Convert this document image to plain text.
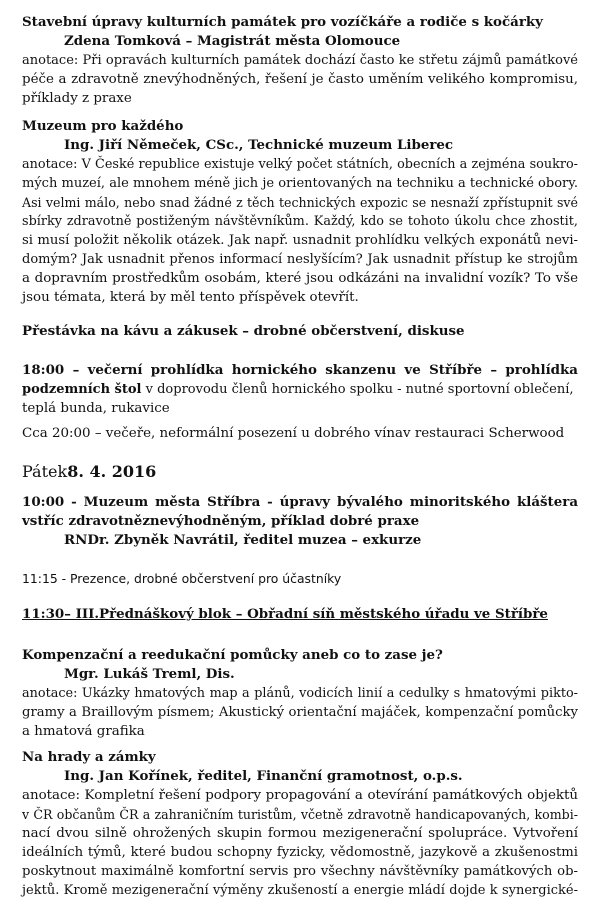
Stavební úpravy kulturních památek pro vozíčkáře a rodiče s kočárky
Zdena Tomková – Magistrát města Olomouce
anotace: Při opravách kulturních památek dochází často ke střetu zájmů památkové
péče a zdravotně znevýhodněných, řešení je často uměním velikého kompromisu,
příklady z praxe
Muzeum pro každého
Ing. Jiří Němeček, CSc., Technické muzeum Liberec
anotace: V České republice existuje velký počet státních, obecních a zejména soukro-
mých muzeí, ale mnohem méně jich je orientovaných na techniku a technické obory.
Asi velmi málo, nebo snad žádné z těch technických expozic se nesnaží zpřístupnit své
sbírky zdravotně postiženým návštěvníkům. Každý, kdo se tohoto úkolu chce zhostit,
si musí položit několik otázek. Jak např. usnadnit prohlídku velkých exponátů nevi-
domým? Jak usnadnit přenos informací neslyšícím? Jak usnadnit přístup ke strojům
a dopravním prostředkům osobám, které jsou odkázáni na invalidní vozík? To vše
jsou témata, která by měl tento příspěvek otevřít.
Přestávka na kávu a zákusek – drobné občerstvení, diskuse
18:00 – večerní prohlídka hornického skanzenu ve Stříbře – prohlídka
podzemních štol v doprovodu členů hornického spolku - nutné sportovní oblečení,
teplá bunda, rukavice
Cca 20:00 – večeře, neformální posezení u dobrého vínav restauraci Scherwood
Pátek8. 4. 2016
10:00 - Muzeum města Stříbra - úpravy bývalého minoritského kláštera
vstříc zdravotněznevýhodněným, příklad dobré praxe
RNDr. Zbyněk Navrátil, ředitel muzea – exkurze
11:15 - Prezence, drobné občerstvení pro účastníky
11:30– III.Přednáškový blok – Obřadní síň městského úřadu ve Stříbře
Kompenzační a reedukační pomůcky aneb co to zase je?
Mgr. Lukáš Treml, Dis.
anotace: Ukázky hmatových map a plánů, vodicích linií a cedulky s hmatovými pikto-
gramy a Braillovým písmem; Akustický orientační majáček, kompenzační pomůcky
a hmatová grafika
Na hrady a zámky
Ing. Jan Kořínek, ředitel, Finanční gramotnost, o.p.s.
anotace: Kompletní řešení podpory propagování a otevírání památkových objektů
v ČR občanům ČR a zahraničním turistům, včetně zdravotně handicapovaných, kombi-
nací dvou silně ohrožených skupin formou mezigenerační spolupráce. Vytvoření
ideálních týmů, které budou schopny fyzicky, vědomostně, jazykově a zkušenostmi
poskytnout maximálně komfortní servis pro všechny návštěvníky památkových ob-
jektů. Kromě mezigenerační výměny zkušeností a energie mládí dojde k synergické-
